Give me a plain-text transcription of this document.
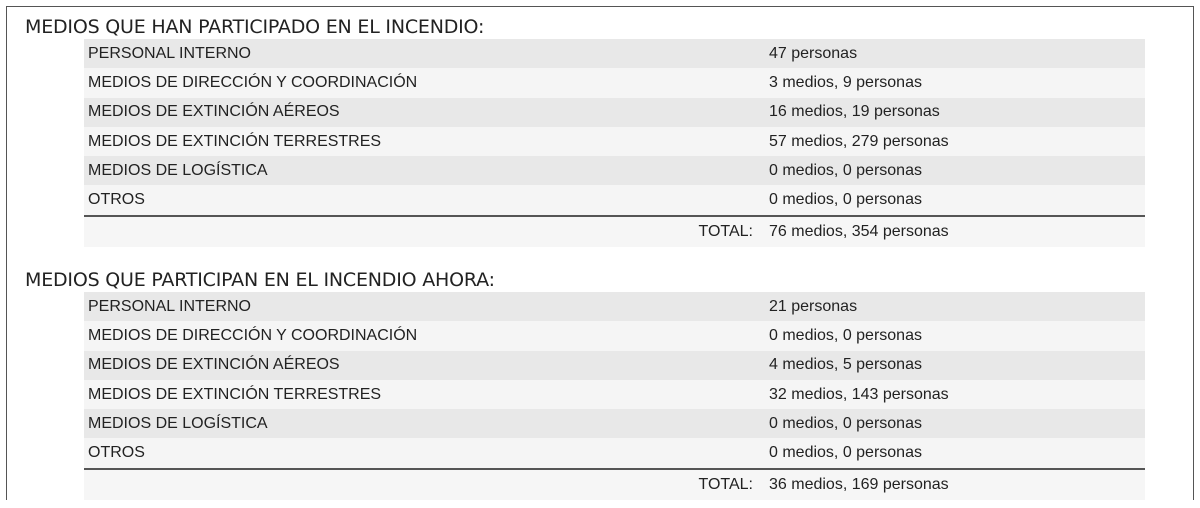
MEDIOS QUE HAN PARTICIPADO EN EL INCENDIO:
PERSONAL INTERNO	47 personas
MEDIOS DE DIRECCIÓN Y COORDINACIÓN	3 medios, 9 personas
MEDIOS DE EXTINCIÓN AÉREOS	16 medios, 19 personas
MEDIOS DE EXTINCIÓN TERRESTRES	57 medios, 279 personas
MEDIOS DE LOGÍSTICA	0 medios, 0 personas
OTROS	0 medios, 0 personas
TOTAL: 76 medios, 354 personas
MEDIOS QUE PARTICIPAN EN EL INCENDIO AHORA:
PERSONAL INTERNO	21 personas
MEDIOS DE DIRECCIÓN Y COORDINACIÓN	0 medios, 0 personas
MEDIOS DE EXTINCIÓN AÉREOS	4 medios, 5 personas
MEDIOS DE EXTINCIÓN TERRESTRES	32 medios, 143 personas
MEDIOS DE LOGÍSTICA	0 medios, 0 personas
OTROS	0 medios, 0 personas
TOTAL: 36 medios, 169 personas
